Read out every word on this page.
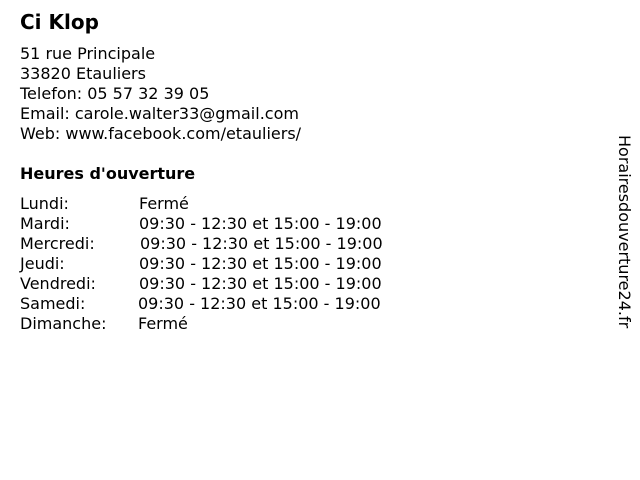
Ci Klop
51 rue Principale
33820 Etauliers
Telefon: 05 57 32 39 05
Email: carole.walter33@gmail.com
Web: www.facebook.com/etauliers/
Heures d'ouverture
Lundi:	Fermé
Mardi:	09:30 - 12:30 et 15:00 - 19:00
Mercredi:	09:30 - 12:30 et 15:00 - 19:00
Jeudi:	09:30 - 12:30 et 15:00 - 19:00
Vendredi:	09:30 - 12:30 et 15:00 - 19:00
Samedi:	09:30 - 12:30 et 15:00 - 19:00
Dimanche: Fermé	Horairesdouverture24.fr
